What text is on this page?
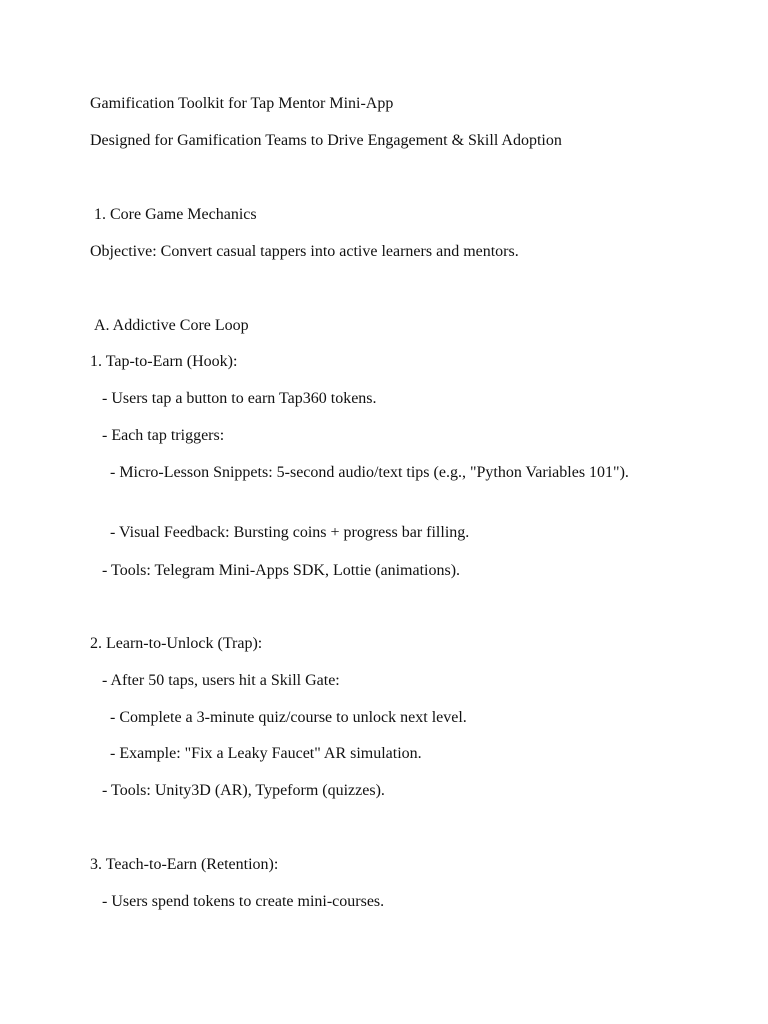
Gamification Toolkit for Tap Mentor Mini-App

Designed for Gamification Teams to Drive Engagement & Skill Adoption

1. Core Game Mechanics

Objective: Convert casual tappers into active learners and mentors.

A. Addictive Core Loop

1. Tap-to-Earn (Hook):

- Users tap a button to earn Tap360 tokens.

- Each tap triggers:

- Micro-Lesson Snippets: 5-second audio/text tips (e.g., "Python Variables 101").

- Visual Feedback: Bursting coins + progress bar filling.

- Tools: Telegram Mini-Apps SDK, Lottie (animations).

2. Learn-to-Unlock (Trap):

- After 50 taps, users hit a Skill Gate:

- Complete a 3-minute quiz/course to unlock next level.

- Example: "Fix a Leaky Faucet" AR simulation.

- Tools: Unity3D (AR), Typeform (quizzes).

3. Teach-to-Earn (Retention):

- Users spend tokens to create mini-courses.
